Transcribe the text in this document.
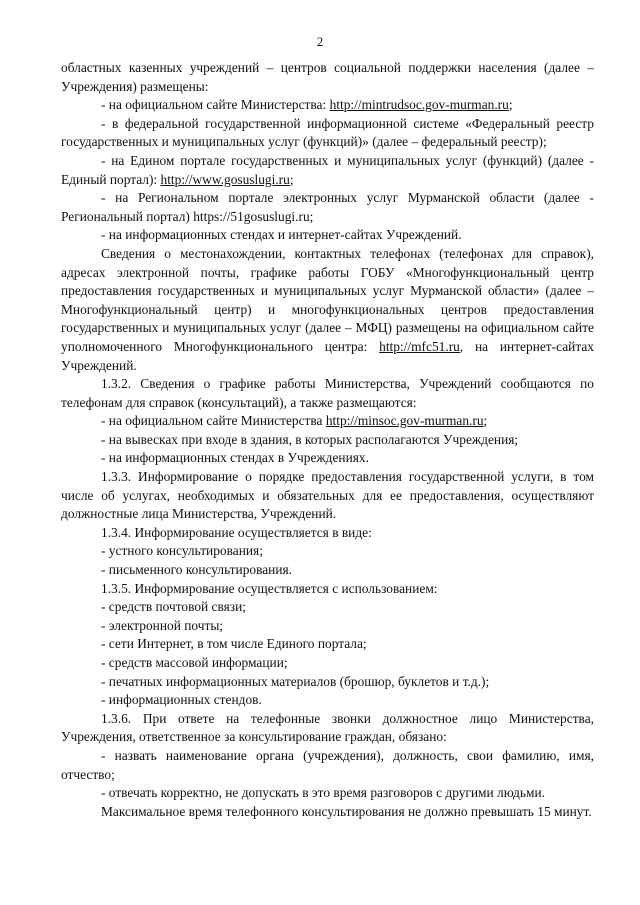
2

областных казенных учреждений – центров социальной поддержки населения (далее – Учреждения) размещены:

- на официальном сайте Министерства: http://mintrudsoc.gov-murman.ru;

- в федеральной государственной информационной системе «Федеральный реестр государственных и муниципальных услуг (функций)» (далее – федеральный реестр);

- на Едином портале государственных и муниципальных услуг (функций) (далее - Единый портал): http://www.gosuslugi.ru;

- на Региональном портале электронных услуг Мурманской области (далее - Региональный портал) https://51gosuslugi.ru;

- на информационных стендах и интернет-сайтах Учреждений.

Сведения о местонахождении, контактных телефонах (телефонах для справок), адресах электронной почты, графике работы ГОБУ «Многофункциональный центр предоставления государственных и муниципальных услуг Мурманской области» (далее – Многофункциональный центр) и многофункциональных центров предоставления государственных и муниципальных услуг (далее – МФЦ) размещены на официальном сайте уполномоченного Многофункционального центра: http://mfc51.ru, на интернет-сайтах Учреждений.

1.3.2. Сведения о графике работы Министерства, Учреждений сообщаются по телефонам для справок (консультаций), а также размещаются:

- на официальном сайте Министерства http://minsoc.gov-murman.ru;

- на вывесках при входе в здания, в которых располагаются Учреждения;

- на информационных стендах в Учреждениях.

1.3.3. Информирование о порядке предоставления государственной услуги, в том числе об услугах, необходимых и обязательных для ее предоставления, осуществляют должностные лица Министерства, Учреждений.

1.3.4. Информирование осуществляется в виде:

- устного консультирования;

- письменного консультирования.

1.3.5. Информирование осуществляется с использованием:

- средств почтовой связи;

- электронной почты;

- сети Интернет, в том числе Единого портала;

- средств массовой информации;

- печатных информационных материалов (брошюр, буклетов и т.д.);

- информационных стендов.

1.3.6. При ответе на телефонные звонки должностное лицо Министерства, Учреждения, ответственное за консультирование граждан, обязано:

- назвать наименование органа (учреждения), должность, свои фамилию, имя, отчество;

- отвечать корректно, не допускать в это время разговоров с другими людьми.

Максимальное время телефонного консультирования не должно превышать 15 минут.
